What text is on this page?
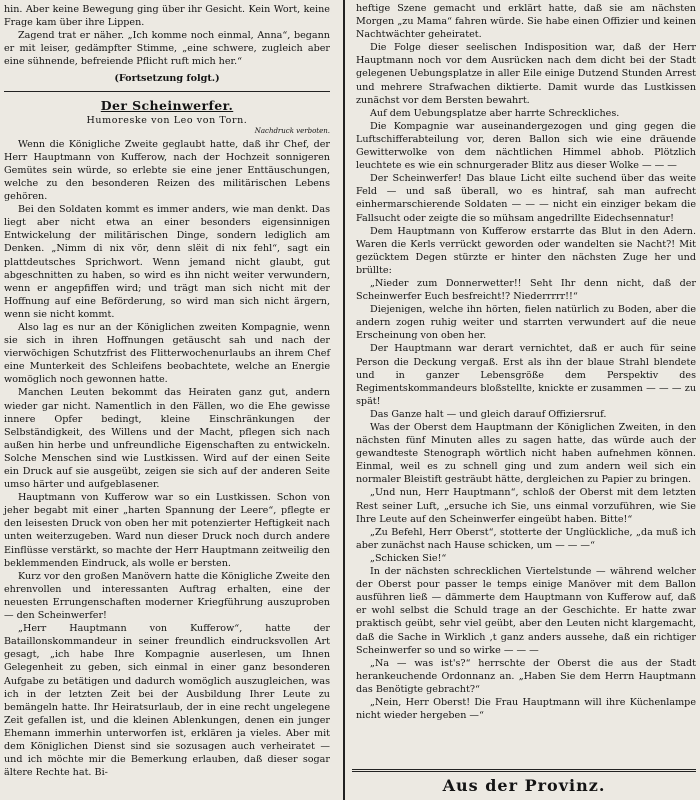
hin. Aber keine Bewegung ging über ihr Gesicht. Kein Wort, keine Frage kam über ihre Lippen.

Zagend trat er näher. „Ich komme noch einmal, Anna“, begann er mit leiser, gedämpfter Stimme, „eine schwere, zugleich aber eine sühnende, befreiende Pflicht ruft mich her.“

(Fortsetzung folgt.)

Der Scheinwerfer.
Humoreske von Leo von Torn.
Nachdruck verboten.

Wenn die Königliche Zweite geglaubt hatte, daß ihr Chef, der Herr Hauptmann von Kufferow, nach der Hochzeit sonnigeren Gemütes sein würde, so erlebte sie eine jener Enttäuschungen, welche zu den besonderen Reizen des militärischen Lebens gehören.

Bei den Soldaten kommt es immer anders, wie man denkt. Das liegt aber nicht etwa an einer besonders eigensinnigen Entwickelung der militärischen Dinge, sondern lediglich am Denken. „Nimm di nix vör, denn slëit di nix fehl“, sagt ein plattdeutsches Sprichwort. Wenn jemand nicht glaubt, gut abgeschnitten zu haben, so wird es ihn nicht weiter verwundern, wenn er angepfiffen wird; und trägt man sich nicht mit der Hoffnung auf eine Beförderung, so wird man sich nicht ärgern, wenn sie nicht kommt.

Also lag es nur an der Königlichen zweiten Kompagnie, wenn sie sich in ihren Hoffnungen getäuscht sah und nach der vierwöchigen Schutzfrist des Flitterwochenurlaubs an ihrem Chef eine Munterkeit des Schleifens beobachtete, welche an Energie womöglich noch gewonnen hatte.

Manchen Leuten bekommt das Heiraten ganz gut, andern wieder gar nicht. Namentlich in den Fällen, wo die Ehe gewisse innere Opfer bedingt, kleine Einschränkungen der Selbständigkeit, des Willens und der Macht, pflegen sich nach außen hin herbe und unfreundliche Eigenschaften zu entwickeln. Solche Menschen sind wie Lustkissen. Wird auf der einen Seite ein Druck auf sie ausgeübt, zeigen sie sich auf der anderen Seite umso härter und aufgeblasener.

Hauptmann von Kufferow war so ein Lustkissen. Schon von jeher begabt mit einer „harten Spannung der Leere“, pflegte er den leisesten Druck von oben her mit potenzierter Heftigkeit nach unten weiterzugeben. Ward nun dieser Druck noch durch andere Einflüsse verstärkt, so machte der Herr Hauptmann zeitweilig den beklemmenden Eindruck, als wolle er bersten.

Kurz vor den großen Manövern hatte die Königliche Zweite den ehrenvollen und interessanten Auftrag erhalten, eine der neuesten Errungenschaften moderner Kriegführung auszuproben — den Scheinwerfer!

„Herr Hauptmann von Kufferow“, hatte der Bataillonskommandeur in seiner freundlich eindrucksvollen Art gesagt, „ich habe Ihre Kompagnie auserlesen, um Ihnen Gelegenheit zu geben, sich einmal in einer ganz besonderen Aufgabe zu betätigen und dadurch womöglich auszugleichen, was ich in der letzten Zeit bei der Ausbildung Ihrer Leute zu bemängeln hatte. Ihr Heiratsurlaub, der in eine recht ungelegene Zeit gefallen ist, und die kleinen Ablenkungen, denen ein junger Ehemann immerhin unterworfen ist, erklären ja vieles. Aber mit dem Königlichen Dienst sind sie sozusagen auch verheiratet — und ich möchte mir die Bemerkung erlauben, daß dieser sogar ältere Rechte hat. Bi-

heftige Szene gemacht und erklärt hatte, daß sie am nächsten Morgen „zu Mama“ fahren würde. Sie habe einen Offizier und keinen Nachtwächter geheiratet.

Die Folge dieser seelischen Indisposition war, daß der Herr Hauptmann noch vor dem Ausrücken nach dem dicht bei der Stadt gelegenen Uebungsplatze in aller Eile einige Dutzend Stunden Arrest und mehrere Strafwachen diktierte. Damit wurde das Lustkissen zunächst vor dem Bersten bewahrt.

Auf dem Uebungsplatze aber harrte Schreckliches.

Die Kompagnie war auseinandergezogen und ging gegen die Luftschifferabteilung vor, deren Ballon sich wie eine dräuende Gewitterwolke von dem nächtlichen Himmel abhob. Plötzlich leuchtete es wie ein schnurgerader Blitz aus dieser Wolke — — —

Der Scheinwerfer! Das blaue Licht eilte suchend über das weite Feld — und saß überall, wo es hintraf, sah man aufrecht einhermarschierende Soldaten — — — nicht ein einziger bekam die Fallsucht oder zeigte die so mühsam angedrillte Eidechsennatur!

Dem Hauptmann von Kufferow erstarrte das Blut in den Adern. Waren die Kerls verrückt geworden oder wandelten sie Nacht?! Mit gezücktem Degen stürzte er hinter den nächsten Zuge her und brüllte:

„Nieder zum Donnerwetter!! Seht Ihr denn nicht, daß der Scheinwerfer Euch besfreicht!? Niederrrrr!!“

Diejenigen, welche ihn hörten, fielen natürlich zu Boden, aber die andern zogen ruhig weiter und starrten verwundert auf die neue Erscheinung von oben her.

Der Hauptmann war derart vernichtet, daß er auch für seine Person die Deckung vergaß. Erst als ihn der blaue Strahl blendete und in ganzer Lebensgröße dem Perspektiv des Regimentskommandeurs bloßstellte, knickte er zusammen — — — zu spät!

Das Ganze halt — und gleich darauf Offiziersruf.

Was der Oberst dem Hauptmann der Königlichen Zweiten, in den nächsten fünf Minuten alles zu sagen hatte, das würde auch der gewandteste Stenograph wörtlich nicht haben aufnehmen können. Einmal, weil es zu schnell ging und zum andern weil sich ein normaler Bleistift gesträubt hätte, dergleichen zu Papier zu bringen.

„Und nun, Herr Hauptmann“, schloß der Oberst mit dem letzten Rest seiner Luft, „ersuche ich Sie, uns einmal vorzuführen, wie Sie Ihre Leute auf den Scheinwerfer eingeübt haben. Bitte!“

„Zu Befehl, Herr Oberst“, stotterte der Unglückliche, „da muß ich aber zunächst nach Hause schicken, um — — —“

„Schicken Sie!“

In der nächsten schrecklichen Viertelstunde — während welcher der Oberst pour passer le temps einige Manöver mit dem Ballon ausführen ließ — dämmerte dem Hauptmann von Kufferow auf, daß er wohl selbst die Schuld trage an der Geschichte. Er hatte zwar praktisch geübt, sehr viel geübt, aber den Leuten nicht klargemacht, daß die Sache in Wirklich ‚t ganz anders aussehe, daß ein richtiger Scheinwerfer so und so wirke — — —

„Na — was ist's?“ herrschte der Oberst die aus der Stadt herankeuchende Ordonnanz an. „Haben Sie dem Herrn Hauptmann das Benötigte gebracht?“

„Nein, Herr Oberst! Die Frau Hauptmann will ihre Küchenlampe nicht wieder hergeben —“

Aus der Provinz.
